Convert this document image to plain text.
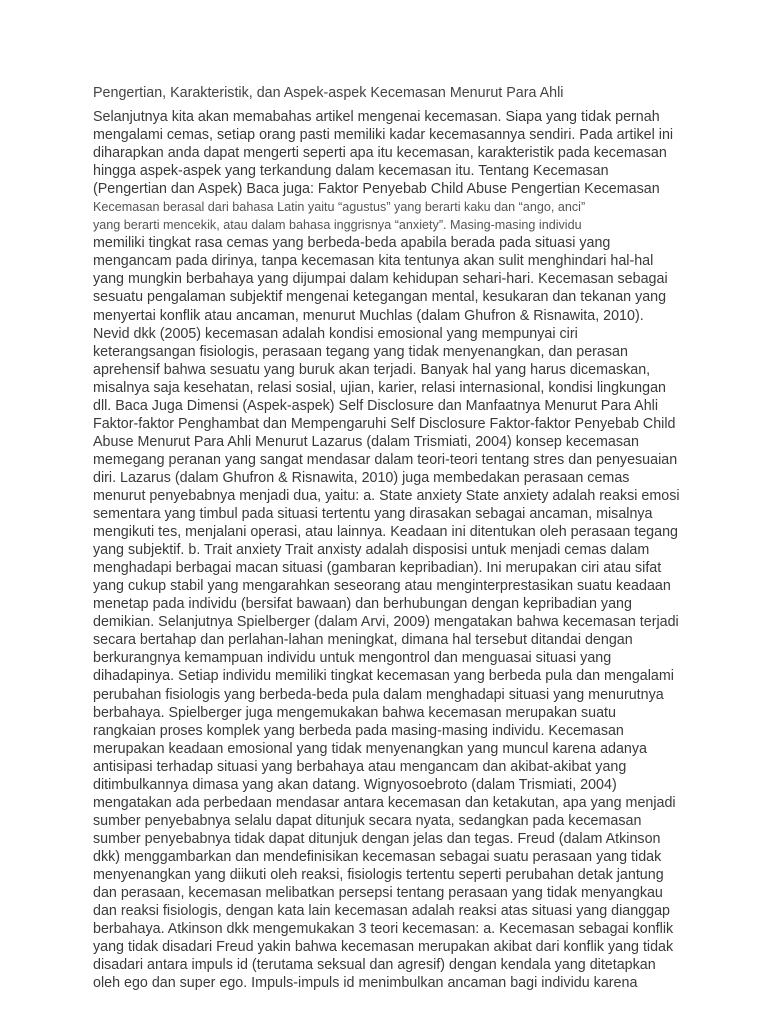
Pengertian, Karakteristik, dan Aspek-aspek Kecemasan Menurut Para Ahli
Selanjutnya kita akan memabahas artikel mengenai kecemasan. Siapa yang tidak pernah
mengalami cemas, setiap orang pasti memiliki kadar kecemasannya sendiri. Pada artikel ini
diharapkan anda dapat mengerti seperti apa itu kecemasan, karakteristik pada kecemasan
hingga aspek-aspek yang terkandung dalam kecemasan itu. Tentang Kecemasan
(Pengertian dan Aspek) Baca juga: Faktor Penyebab Child Abuse Pengertian Kecemasan
Kecemasan berasal dari bahasa Latin yaitu “agustus” yang berarti kaku dan “ango, anci”
yang berarti mencekik, atau dalam bahasa inggrisnya “anxiety”. Masing-masing individu
memiliki tingkat rasa cemas yang berbeda-beda apabila berada pada situasi yang
mengancam pada dirinya, tanpa kecemasan kita tentunya akan sulit menghindari hal-hal
yang mungkin berbahaya yang dijumpai dalam kehidupan sehari-hari. Kecemasan sebagai
sesuatu pengalaman subjektif mengenai ketegangan mental, kesukaran dan tekanan yang
menyertai konflik atau ancaman, menurut Muchlas (dalam Ghufron & Risnawita, 2010).
Nevid dkk (2005) kecemasan adalah kondisi emosional yang mempunyai ciri
keterangsangan fisiologis, perasaan tegang yang tidak menyenangkan, dan perasan
aprehensif bahwa sesuatu yang buruk akan terjadi. Banyak hal yang harus dicemaskan,
misalnya saja kesehatan, relasi sosial, ujian, karier, relasi internasional, kondisi lingkungan
dll. Baca Juga Dimensi (Aspek-aspek) Self Disclosure dan Manfaatnya Menurut Para Ahli
Faktor-faktor Penghambat dan Mempengaruhi Self Disclosure Faktor-faktor Penyebab Child
Abuse Menurut Para Ahli Menurut Lazarus (dalam Trismiati, 2004) konsep kecemasan
memegang peranan yang sangat mendasar dalam teori-teori tentang stres dan penyesuaian
diri. Lazarus (dalam Ghufron & Risnawita, 2010) juga membedakan perasaan cemas
menurut penyebabnya menjadi dua, yaitu: a. State anxiety State anxiety adalah reaksi emosi
sementara yang timbul pada situasi tertentu yang dirasakan sebagai ancaman, misalnya
mengikuti tes, menjalani operasi, atau lainnya. Keadaan ini ditentukan oleh perasaan tegang
yang subjektif. b. Trait anxiety Trait anxisty adalah disposisi untuk menjadi cemas dalam
menghadapi berbagai macan situasi (gambaran kepribadian). Ini merupakan ciri atau sifat
yang cukup stabil yang mengarahkan seseorang atau menginterprestasikan suatu keadaan
menetap pada individu (bersifat bawaan) dan berhubungan dengan kepribadian yang
demikian. Selanjutnya Spielberger (dalam Arvi, 2009) mengatakan bahwa kecemasan terjadi
secara bertahap dan perlahan-lahan meningkat, dimana hal tersebut ditandai dengan
berkurangnya kemampuan individu untuk mengontrol dan menguasai situasi yang
dihadapinya. Setiap individu memiliki tingkat kecemasan yang berbeda pula dan mengalami
perubahan fisiologis yang berbeda-beda pula dalam menghadapi situasi yang menurutnya
berbahaya. Spielberger juga mengemukakan bahwa kecemasan merupakan suatu
rangkaian proses komplek yang berbeda pada masing-masing individu. Kecemasan
merupakan keadaan emosional yang tidak menyenangkan yang muncul karena adanya
antisipasi terhadap situasi yang berbahaya atau mengancam dan akibat-akibat yang
ditimbulkannya dimasa yang akan datang. Wignyosoebroto (dalam Trismiati, 2004)
mengatakan ada perbedaan mendasar antara kecemasan dan ketakutan, apa yang menjadi
sumber penyebabnya selalu dapat ditunjuk secara nyata, sedangkan pada kecemasan
sumber penyebabnya tidak dapat ditunjuk dengan jelas dan tegas. Freud (dalam Atkinson
dkk) menggambarkan dan mendefinisikan kecemasan sebagai suatu perasaan yang tidak
menyenangkan yang diikuti oleh reaksi, fisiologis tertentu seperti perubahan detak jantung
dan perasaan, kecemasan melibatkan persepsi tentang perasaan yang tidak menyangkau
dan reaksi fisiologis, dengan kata lain kecemasan adalah reaksi atas situasi yang dianggap
berbahaya. Atkinson dkk mengemukakan 3 teori kecemasan: a. Kecemasan sebagai konflik
yang tidak disadari Freud yakin bahwa kecemasan merupakan akibat dari konflik yang tidak
disadari antara impuls id (terutama seksual dan agresif) dengan kendala yang ditetapkan
oleh ego dan super ego. Impuls-impuls id menimbulkan ancaman bagi individu karena
